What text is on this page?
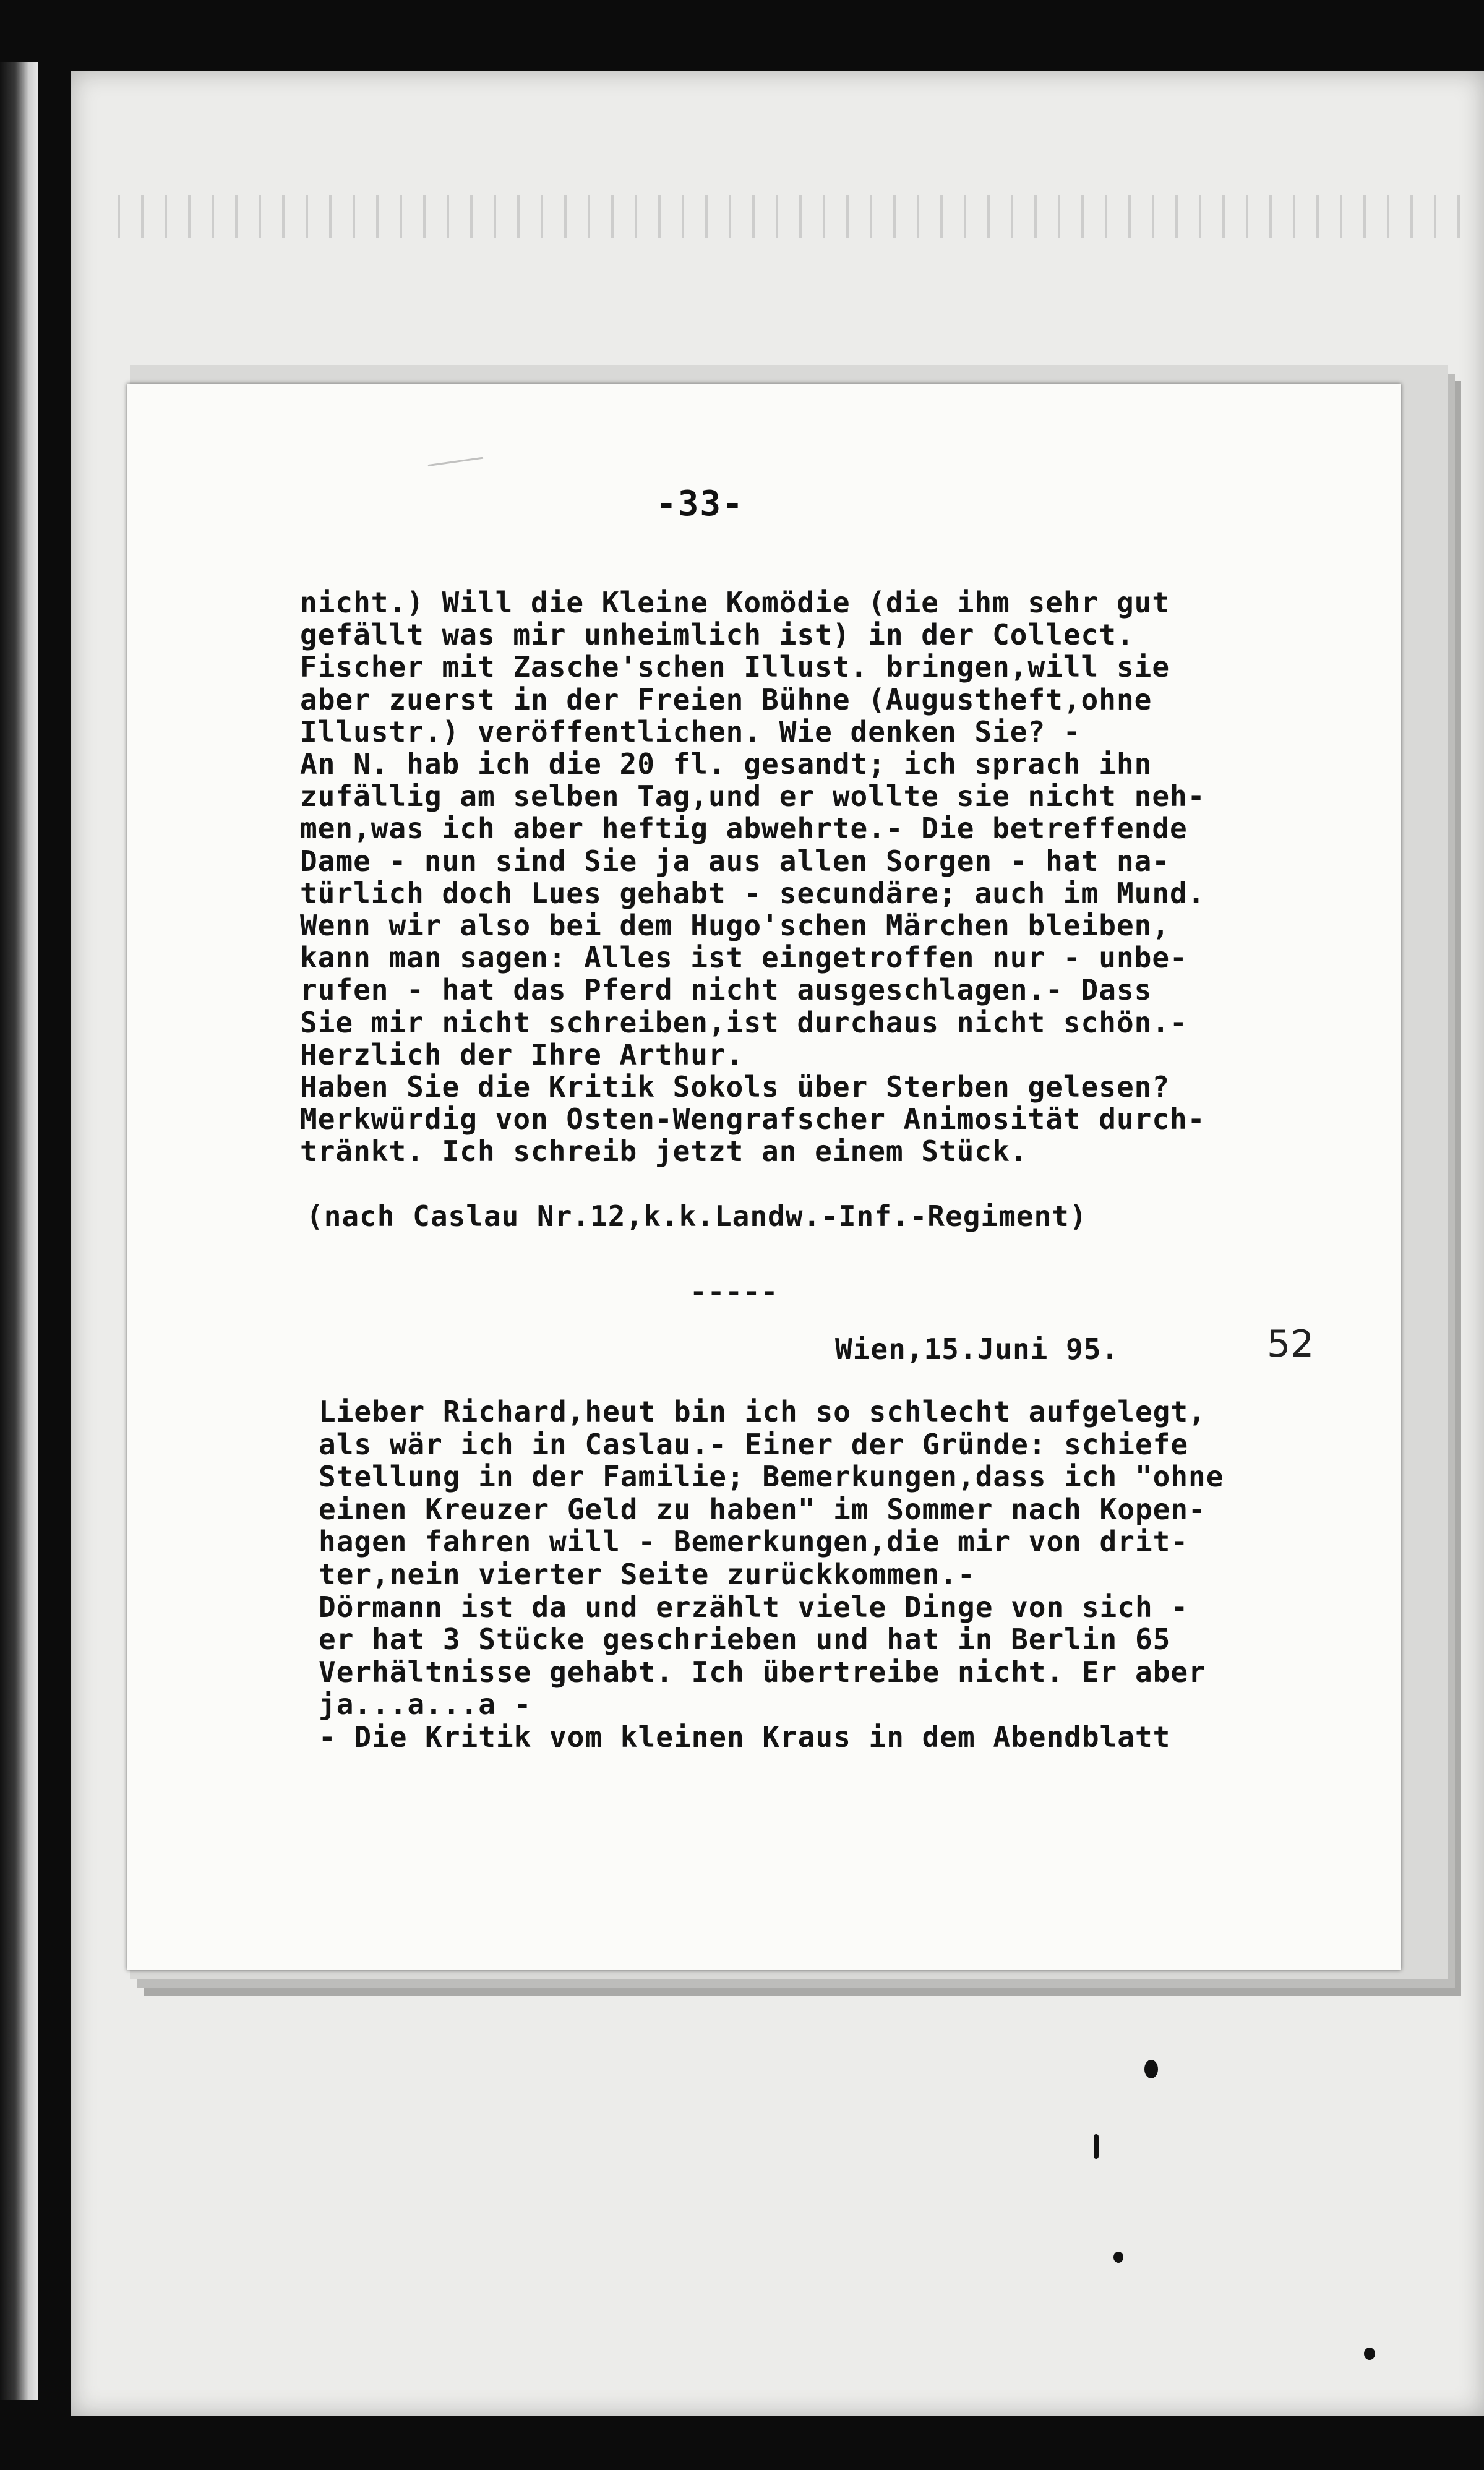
-33-
nicht.) Will die Kleine Komödie (die ihm sehr gut
gefällt was mir unheimlich ist) in der Collect.
Fischer mit Zasche'schen Illust. bringen,will sie
aber zuerst in der Freien Bühne (Augustheft,ohne
Illustr.) veröffentlichen. Wie denken Sie? -
An N. hab ich die 20 fl. gesandt; ich sprach ihn
zufällig am selben Tag,und er wollte sie nicht neh-
men,was ich aber heftig abwehrte.- Die betreffende
Dame - nun sind Sie ja aus allen Sorgen - hat na-
türlich doch Lues gehabt - secundäre; auch im Mund.
Wenn wir also bei dem Hugo'schen Märchen bleiben,
kann man sagen: Alles ist eingetroffen nur - unbe-
rufen - hat das Pferd nicht ausgeschlagen.- Dass
Sie mir nicht schreiben,ist durchaus nicht schön.-
Herzlich der Ihre Arthur.
Haben Sie die Kritik Sokols über Sterben gelesen?
Merkwürdig von Osten-Wengrafscher Animosität durch-
tränkt. Ich schreib jetzt an einem Stück.
(nach Caslau Nr.12,k.k.Landw.-Inf.-Regiment)
-----
Wien,15.Juni 95.	52
Lieber Richard,heut bin ich so schlecht aufgelegt,
als wär ich in Caslau.- Einer der Gründe: schiefe
Stellung in der Familie; Bemerkungen,dass ich "ohne
einen Kreuzer Geld zu haben" im Sommer nach Kopen-
hagen fahren will - Bemerkungen,die mir von drit-
ter,nein vierter Seite zurückkommen.-
Dörmann ist da und erzählt viele Dinge von sich -
er hat 3 Stücke geschrieben und hat in Berlin 65
Verhältnisse gehabt. Ich übertreibe nicht. Er aber
ja...a...a -
- Die Kritik vom kleinen Kraus in dem Abendblatt
